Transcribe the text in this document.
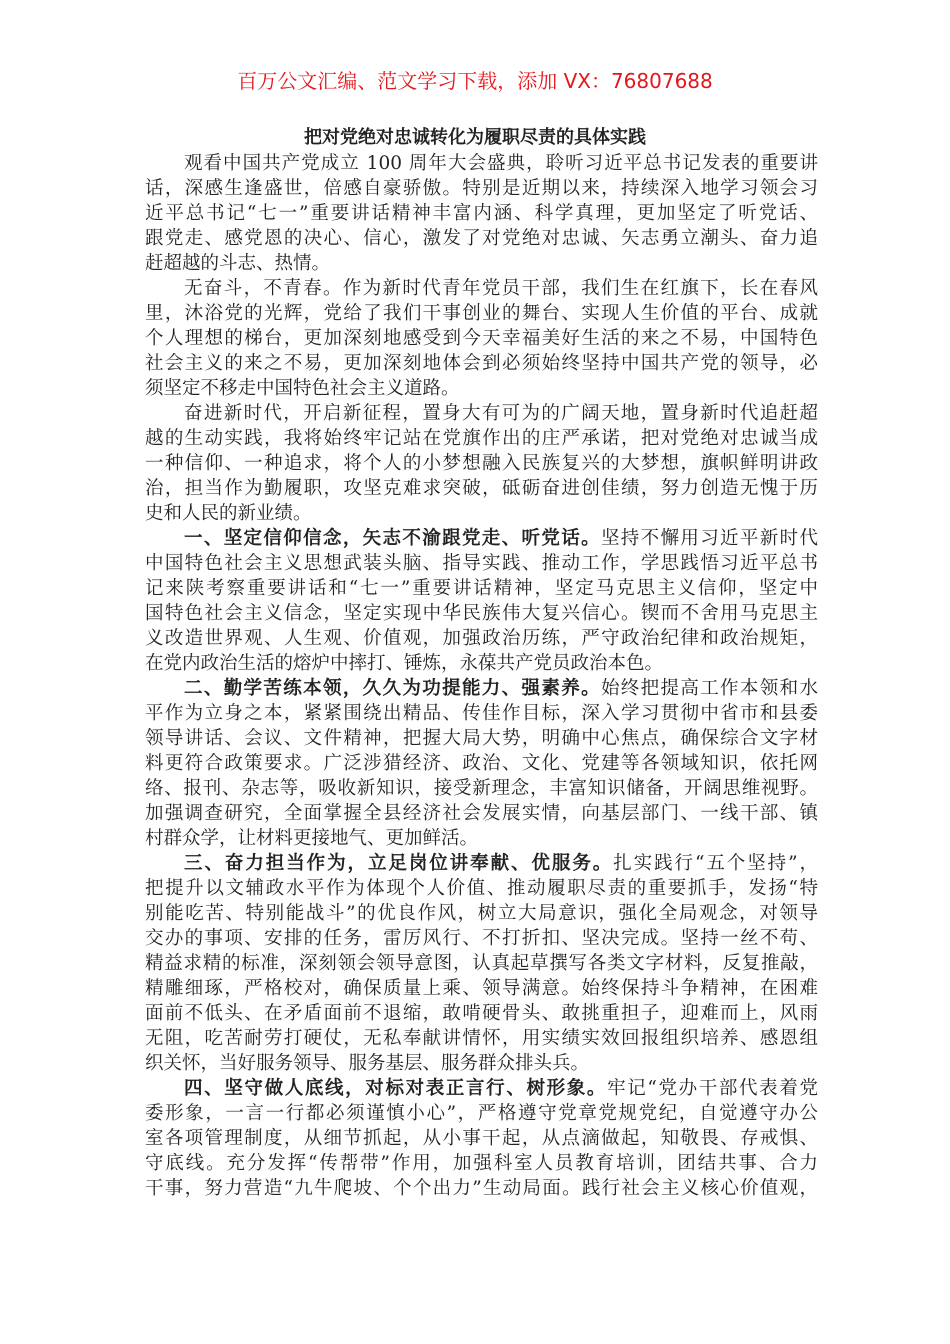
百万公文汇编、范文学习下载，添加 VX：76807688
把对党绝对忠诚转化为履职尽责的具体实践
观看中国共产党成立 100 周年大会盛典，聆听习近平总书记发表的重要讲
话，深感生逢盛世，倍感自豪骄傲。特别是近期以来，持续深入地学习领会习
近平总书记“七一”重要讲话精神丰富内涵、科学真理，更加坚定了听党话、
跟党走、感党恩的决心、信心，激发了对党绝对忠诚、矢志勇立潮头、奋力追
赶超越的斗志、热情。
无奋斗，不青春。作为新时代青年党员干部，我们生在红旗下，长在春风
里，沐浴党的光辉，党给了我们干事创业的舞台、实现人生价值的平台、成就
个人理想的梯台，更加深刻地感受到今天幸福美好生活的来之不易，中国特色
社会主义的来之不易，更加深刻地体会到必须始终坚持中国共产党的领导，必
须坚定不移走中国特色社会主义道路。
奋进新时代，开启新征程，置身大有可为的广阔天地，置身新时代追赶超
越的生动实践，我将始终牢记站在党旗作出的庄严承诺，把对党绝对忠诚当成
一种信仰、一种追求，将个人的小梦想融入民族复兴的大梦想，旗帜鲜明讲政
治，担当作为勤履职，攻坚克难求突破，砥砺奋进创佳绩，努力创造无愧于历
史和人民的新业绩。
一、坚定信仰信念，矢志不渝跟党走、听党话。坚持不懈用习近平新时代
中国特色社会主义思想武装头脑、指导实践、推动工作，学思践悟习近平总书
记来陕考察重要讲话和“七一”重要讲话精神，坚定马克思主义信仰，坚定中
国特色社会主义信念，坚定实现中华民族伟大复兴信心。锲而不舍用马克思主
义改造世界观、人生观、价值观，加强政治历练，严守政治纪律和政治规矩，
在党内政治生活的熔炉中摔打、锤炼，永葆共产党员政治本色。
二、勤学苦练本领，久久为功提能力、强素养。始终把提高工作本领和水
平作为立身之本，紧紧围绕出精品、传佳作目标，深入学习贯彻中省市和县委
领导讲话、会议、文件精神，把握大局大势，明确中心焦点，确保综合文字材
料更符合政策要求。广泛涉猎经济、政治、文化、党建等各领域知识，依托网
络、报刊、杂志等，吸收新知识，接受新理念，丰富知识储备，开阔思维视野。
加强调查研究，全面掌握全县经济社会发展实情，向基层部门、一线干部、镇
村群众学，让材料更接地气、更加鲜活。
三、奋力担当作为，立足岗位讲奉献、优服务。扎实践行“五个坚持”，
把提升以文辅政水平作为体现个人价值、推动履职尽责的重要抓手，发扬“特
别能吃苦、特别能战斗”的优良作风，树立大局意识，强化全局观念，对领导
交办的事项、安排的任务，雷厉风行、不打折扣、坚决完成。坚持一丝不苟、
精益求精的标准，深刻领会领导意图，认真起草撰写各类文字材料，反复推敲，
精雕细琢，严格校对，确保质量上乘、领导满意。始终保持斗争精神，在困难
面前不低头、在矛盾面前不退缩，敢啃硬骨头、敢挑重担子，迎难而上，风雨
无阻，吃苦耐劳打硬仗，无私奉献讲情怀，用实绩实效回报组织培养、感恩组
织关怀，当好服务领导、服务基层、服务群众排头兵。
四、坚守做人底线，对标对表正言行、树形象。牢记“党办干部代表着党
委形象，一言一行都必须谨慎小心”，严格遵守党章党规党纪，自觉遵守办公
室各项管理制度，从细节抓起，从小事干起，从点滴做起，知敬畏、存戒惧、
守底线。充分发挥“传帮带”作用，加强科室人员教育培训，团结共事、合力
干事，努力营造“九牛爬坡、个个出力”生动局面。践行社会主义核心价值观，
